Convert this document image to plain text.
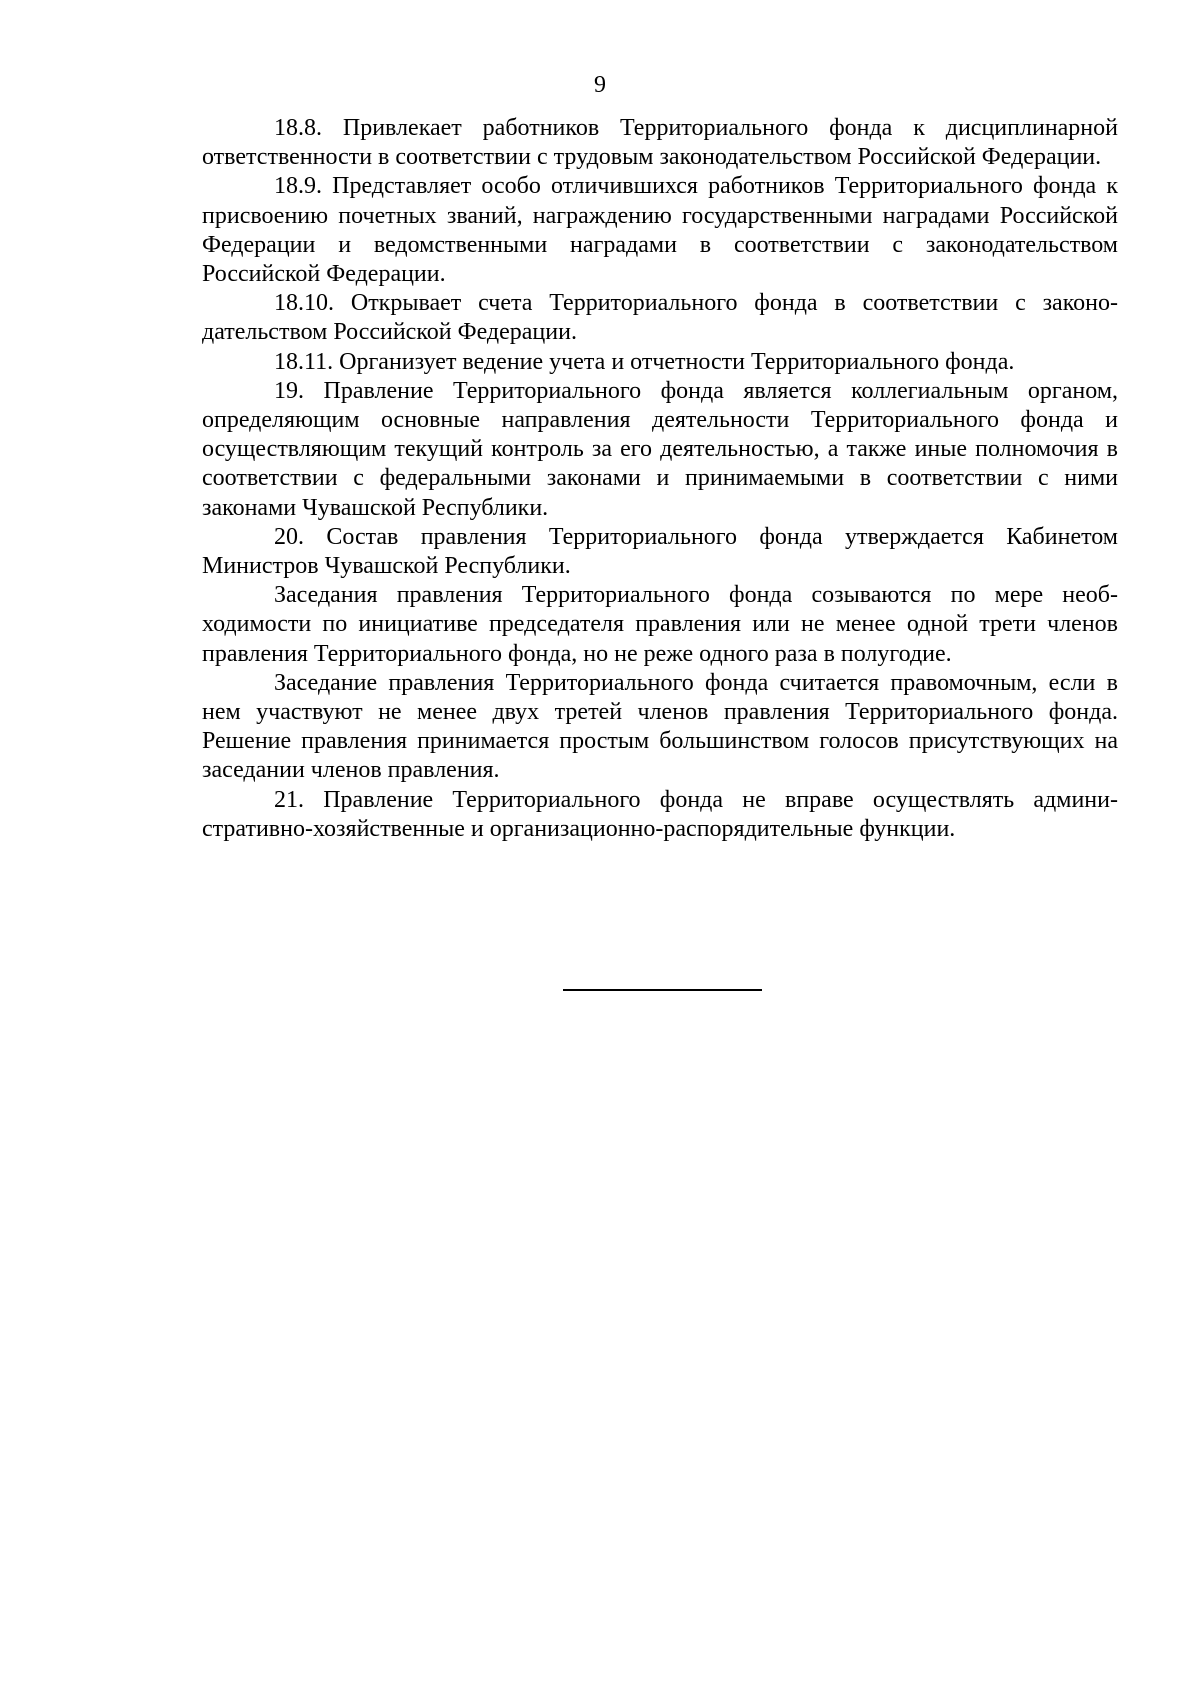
9

18.8. Привлекает работников Территориального фонда к дисциплинарной ответственности в соответствии с трудовым законодательством Российской Федерации.

18.9. Представляет особо отличившихся работников Территориального фонда к присвоению почетных званий, награждению государственными наградами Российской Федерации и ведомственными наградами в соответствии с законодательством Российской Федерации.

18.10. Открывает счета Территориального фонда в соответствии с законодательством Российской Федерации.

18.11. Организует ведение учета и отчетности Территориального фонда.

19. Правление Территориального фонда является коллегиальным органом, определяющим основные направления деятельности Территориального фонда и осуществляющим текущий контроль за его деятельностью, а также иные полномочия в соответствии с федеральными законами и принимаемыми в соответствии с ними законами Чувашской Республики.

20. Состав правления Территориального фонда утверждается Кабинетом Министров Чувашской Республики.

Заседания правления Территориального фонда созываются по мере необходимости по инициативе председателя правления или не менее одной трети членов правления Территориального фонда, но не реже одного раза в полугодие.

Заседание правления Территориального фонда считается правомочным, если в нем участвуют не менее двух третей членов правления Территориального фонда. Решение правления принимается простым большинством голосов присутствующих на заседании членов правления.

21. Правление Территориального фонда не вправе осуществлять административно-хозяйственные и организационно-распорядительные функции.
